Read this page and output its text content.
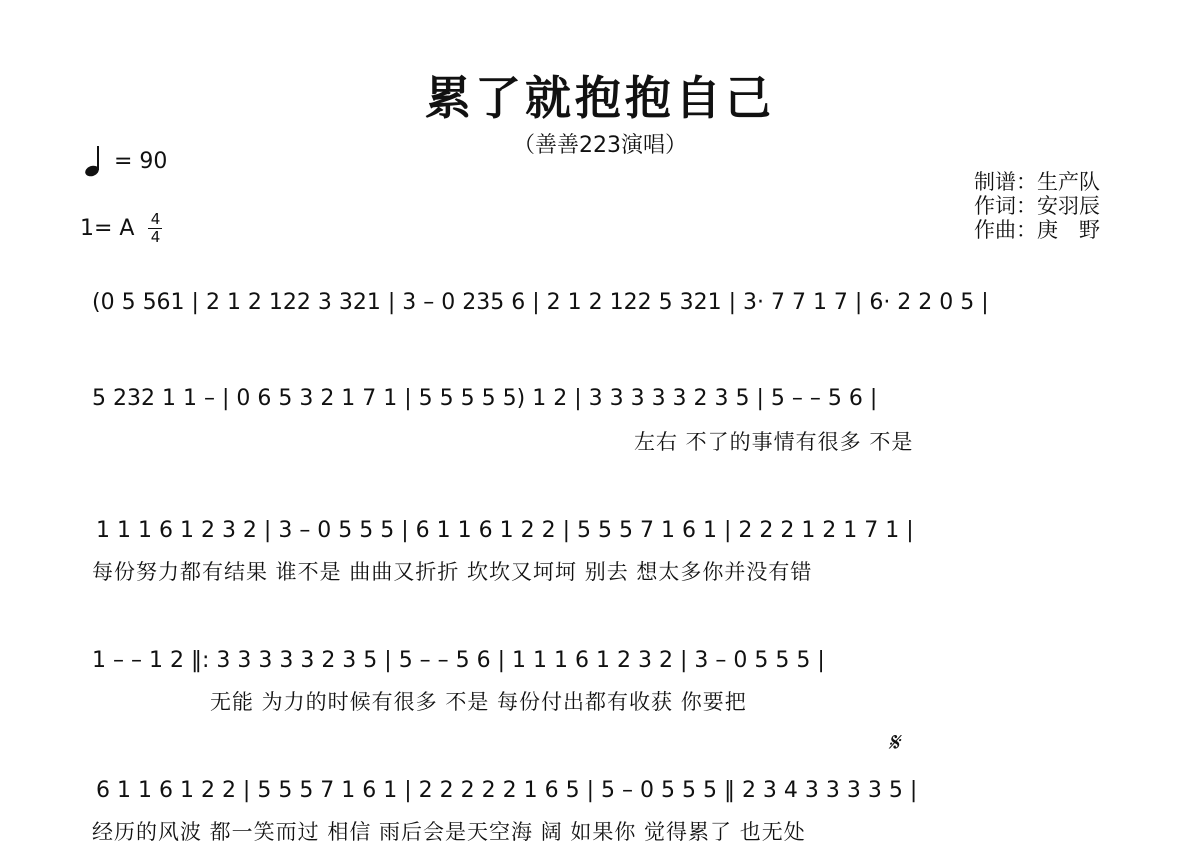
累了就抱抱自己
（善善223演唱）
= 90
1= A $\frac{4}{4}$
制谱：生产队
作词：安羽辰
作曲：庚　野
(0 5 561 | 2 1 2 122 3 321 | 3 – 0 235 6 | 2 1 2 122 5 321 | 3· 7 7 1 7 | 6· 2 2 0 5 |
5 232 1 1 – | 0 6 5 3 2 1 7 1 | 5 5 5 5 5) 1 2 | 3 3 3 3 3 2 3 5 | 5 – – 5 6 |
左右 不了的事情有很多 不是
1 1 1 6 1 2 3 2 | 3 – 0 5 5 5 | 6 1 1 6 1 2 2 | 5 5 5 7 1 6 1 | 2 2 2 1 2 1 7 1 |
每份努力都有结果 谁不是 曲曲又折折 坎坎又坷坷 别去 想太多你并没有错
1 – – 1 2 ‖: 3 3 3 3 3 2 3 5 | 5 – – 5 6 | 1 1 1 6 1 2 3 2 | 3 – 0 5 5 5 |
无能 为力的时候有很多 不是 每份付出都有收获 你要把
𝄋
6 1 1 6 1 2 2 | 5 5 5 7 1 6 1 | 2 2 2 2 2 1 6 5 | 5 – 0 5 5 5 ‖ 2 3 4 3 3 3 3 5 |
经历的风波 都一笑而过 相信 雨后会是天空海 阔 如果你 觉得累了 也无处
